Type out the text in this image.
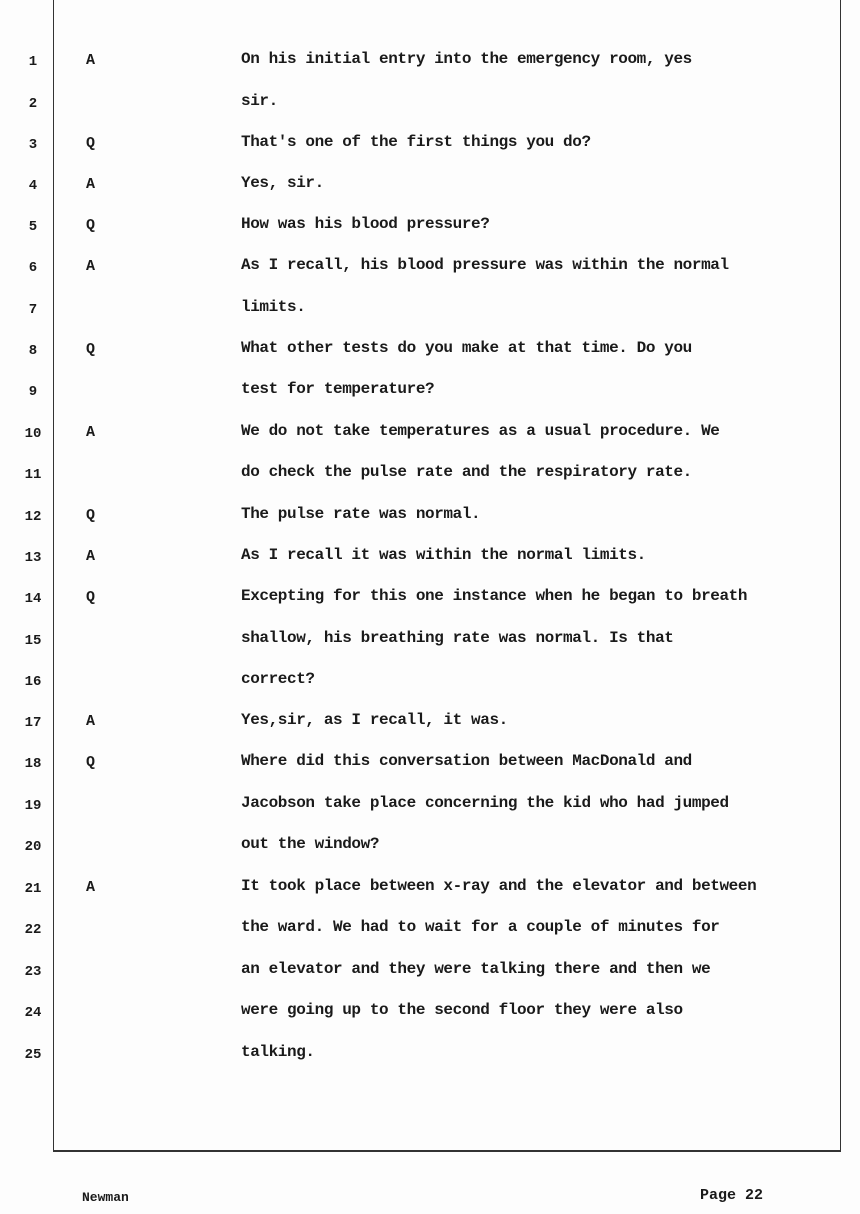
1	A	On his initial entry into the emergency room, yes
2	sir.
3	Q	That's one of the first things you do?
4	A	Yes, sir.
5	Q	How was his blood pressure?
6	A	As I recall, his blood pressure was within the normal
7	limits.
8	Q	What other tests do you make at that time. Do you
9	test for temperature?
10	A	We do not take temperatures as a usual procedure. We
11	do check the pulse rate and the respiratory rate.
12	Q	The pulse rate was normal.
13	A	As I recall it was within the normal limits.
14	Q	Excepting for this one instance when he began to breath
15	shallow, his breathing rate was normal. Is that
16	correct?
17	A	Yes,sir, as I recall, it was.
18	Q	Where did this conversation between MacDonald and
19	Jacobson take place concerning the kid who had jumped
20	out the window?
21	A	It took place between x-ray and the elevator and between
22	the ward. We had to wait for a couple of minutes for
23	an elevator and they were talking there and then we
24	were going up to the second floor they were also
25	talking.
Newman	Page 22
